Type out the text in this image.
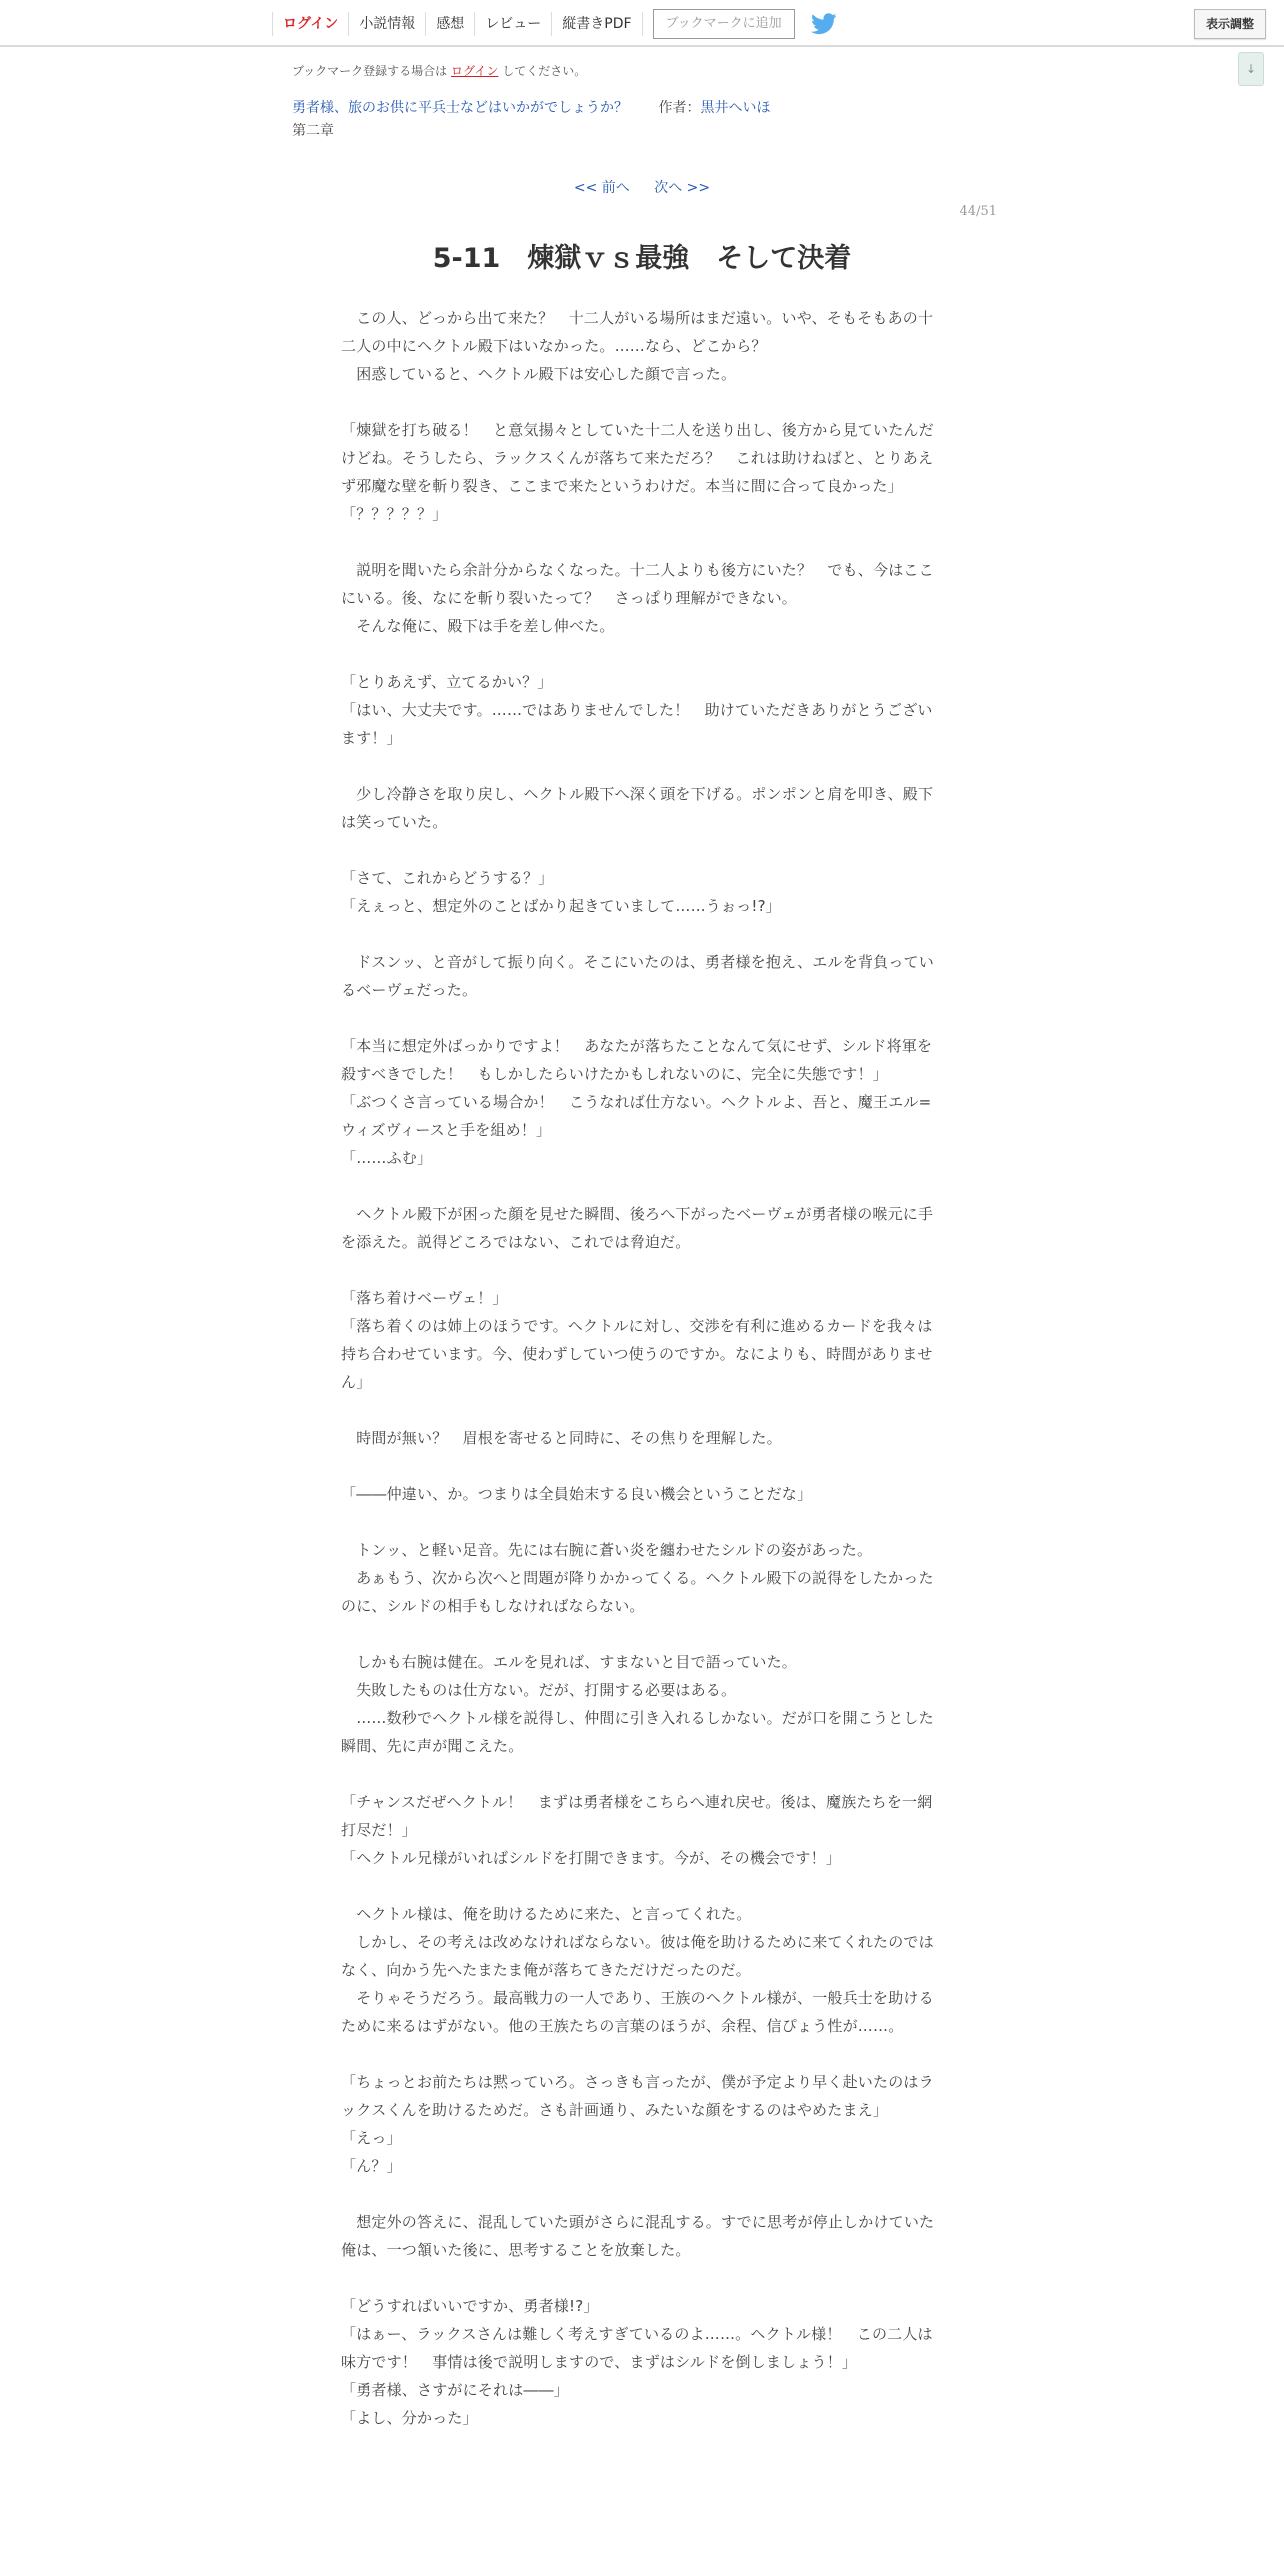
ログイン	小説情報	感想	レビュー	縦書きPDF	ブックマークに追加	表示調整
↓
ブックマーク登録する場合は ログイン してください。
勇者様、旅のお供に平兵士などはいかがでしょうか？ 作者：黒井へいほ
第二章
<< 前へ 次へ >>
44/51
5-11　煉獄ｖｓ最強　そして決着

　この人、どっから出て来た？　十二人がいる場所はまだ遠い。いや、そもそもあの十二人の中にヘクトル殿下はいなかった。……なら、どこから？

　困惑していると、ヘクトル殿下は安心した顔で言った。

「煉獄を打ち破る！　と意気揚々としていた十二人を送り出し、後方から見ていたんだけどね。そうしたら、ラックスくんが落ちて来ただろ？　これは助けねばと、とりあえず邪魔な壁を斬り裂き、ここまで来たというわけだ。本当に間に合って良かった」

「？？？？？」

　説明を聞いたら余計分からなくなった。十二人よりも後方にいた？　でも、今はここにいる。後、なにを斬り裂いたって？　さっぱり理解ができない。

　そんな俺に、殿下は手を差し伸べた。

「とりあえず、立てるかい？」

「はい、大丈夫です。……ではありませんでした！　助けていただきありがとうございます！」

　少し冷静さを取り戻し、ヘクトル殿下へ深く頭を下げる。ポンポンと肩を叩き、殿下は笑っていた。

「さて、これからどうする？」

「えぇっと、想定外のことばかり起きていまして……うぉっ!?」

　ドスンッ、と音がして振り向く。そこにいたのは、勇者様を抱え、エルを背負っているベーヴェだった。

「本当に想定外ばっかりですよ！　あなたが落ちたことなんて気にせず、シルド将軍を殺すべきでした！　もしかしたらいけたかもしれないのに、完全に失態です！」

「ぶつくさ言っている場合か！　こうなれば仕方ない。ヘクトルよ、吾と、魔王エル=ウィズヴィースと手を組め！」

「……ふむ」

　ヘクトル殿下が困った顔を見せた瞬間、後ろへ下がったベーヴェが勇者様の喉元に手を添えた。説得どころではない、これでは脅迫だ。

「落ち着けベーヴェ！」

「落ち着くのは姉上のほうです。ヘクトルに対し、交渉を有利に進めるカードを我々は持ち合わせています。今、使わずしていつ使うのですか。なによりも、時間がありません」

　時間が無い？　眉根を寄せると同時に、その焦りを理解した。

「――仲違い、か。つまりは全員始末する良い機会ということだな」

　トンッ、と軽い足音。先には右腕に蒼い炎を纏わせたシルドの姿があった。

　あぁもう、次から次へと問題が降りかかってくる。ヘクトル殿下の説得をしたかったのに、シルドの相手もしなければならない。

　しかも右腕は健在。エルを見れば、すまないと目で語っていた。

　失敗したものは仕方ない。だが、打開する必要はある。

　……数秒でヘクトル様を説得し、仲間に引き入れるしかない。だが口を開こうとした瞬間、先に声が聞こえた。

「チャンスだぜヘクトル！　まずは勇者様をこちらへ連れ戻せ。後は、魔族たちを一網打尽だ！」

「ヘクトル兄様がいればシルドを打開できます。今が、その機会です！」

　ヘクトル様は、俺を助けるために来た、と言ってくれた。

　しかし、その考えは改めなければならない。彼は俺を助けるために来てくれたのではなく、向かう先へたまたま俺が落ちてきただけだったのだ。

　そりゃそうだろう。最高戦力の一人であり、王族のヘクトル様が、一般兵士を助けるために来るはずがない。他の王族たちの言葉のほうが、余程、信ぴょう性が……。

「ちょっとお前たちは黙っていろ。さっきも言ったが、僕が予定より早く赴いたのはラックスくんを助けるためだ。さも計画通り、みたいな顔をするのはやめたまえ」

「えっ」

「ん？」

　想定外の答えに、混乱していた頭がさらに混乱する。すでに思考が停止しかけていた俺は、一つ頷いた後に、思考することを放棄した。

「どうすればいいですか、勇者様!?」

「はぁー、ラックスさんは難しく考えすぎているのよ……。ヘクトル様！　この二人は味方です！　事情は後で説明しますので、まずはシルドを倒しましょう！」

「勇者様、さすがにそれは――」

「よし、分かった」
